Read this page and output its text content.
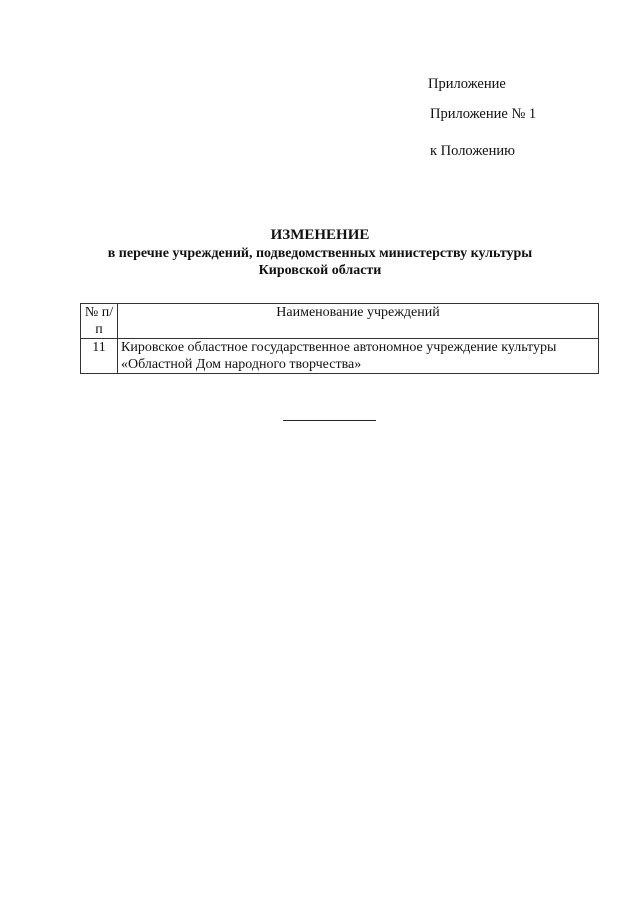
Приложение
Приложение № 1
к Положению
ИЗМЕНЕНИЕ
в перечне учреждений, подведомственных министерству культуры
Кировской области
№ п/п	Наименование учреждений
11	Кировское областное государственное автономное учреждение культуры «Областной Дом народного творчества»
